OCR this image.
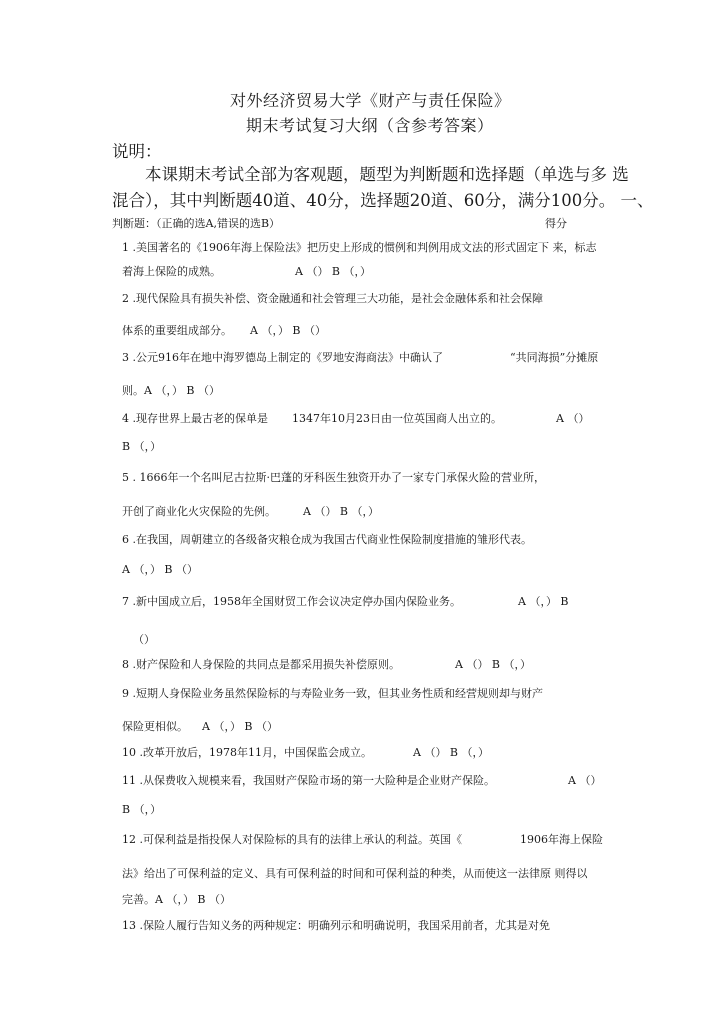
对外经济贸易大学《财产与责任保险》
期末考试复习大纲（含参考答案）
说明：
本课期末考试全部为客观题，题型为判断题和选择题（单选与多 选
混合），其中判断题40道、40分，选择题20道、60分，满分100分。 一、
判断题：（正确的选A,错误的选B）	得分
1 .美国著名的《1906年海上保险法》把历史上形成的惯例和判例用成文法的形式固定下 来，标志
着海上保险的成熟。	A （） B （，）
2 .现代保险具有损失补偿、资金融通和社会管理三大功能，是社会金融体系和社会保障
体系的重要组成部分。 A （，） B （）
3 .公元916年在地中海罗德岛上制定的《罗地安海商法》中确认了	“共同海损”分摊原
则。A （，） B （）
4 .现存世界上最古老的保单是 1347年10月23日由一位英国商人出立的。	A （）
B （，）
5 . 1666年一个名叫尼古拉斯·巴蓬的牙科医生独资开办了一家专门承保火险的营业所，
开创了商业化火灾保险的先例。 A （） B （，）
6 .在我国，周朝建立的各级备灾粮仓成为我国古代商业性保险制度措施的雏形代表。
A （，） B （）
7 .新中国成立后，1958年全国财贸工作会议决定停办国内保险业务。	A （，） B
（）
8 .财产保险和人身保险的共同点是都采用损失补偿原则。	A （） B （，）
9 .短期人身保险业务虽然保险标的与寿险业务一致，但其业务性质和经营规则却与财产
保险更相似。 A （，） B （）
10 .改革开放后，1978年11月，中国保监会成立。	A （） B （，）
11 .从保费收入规模来看，我国财产保险市场的第一大险种是企业财产保险。	A （）
B （，）
12 .可保利益是指投保人对保险标的具有的法律上承认的利益。英国《	1906年海上保险
法》给出了可保利益的定义、具有可保利益的时间和可保利益的种类，从而使这一法律原 则得以
完善。A （，） B （）
13 .保险人履行告知义务的两种规定：明确列示和明确说明，我国采用前者，尤其是对免
